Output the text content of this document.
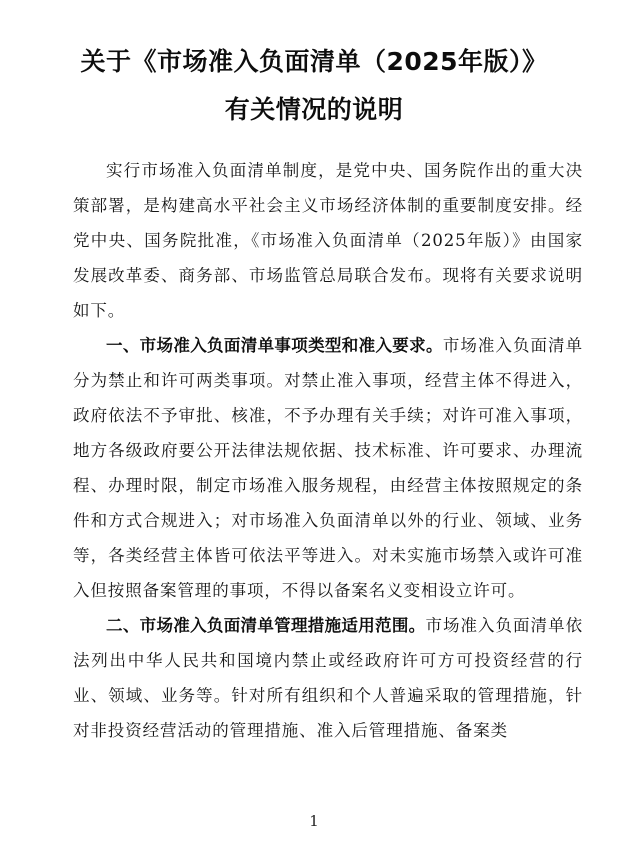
关于《市场准入负面清单（2025年版）》
有关情况的说明

实行市场准入负面清单制度，是党中央、国务院作出的重大决策部署，是构建高水平社会主义市场经济体制的重要制度安排。经党中央、国务院批准，《市场准入负面清单（2025年版）》由国家发展改革委、商务部、市场监管总局联合发布。现将有关要求说明如下。

一、市场准入负面清单事项类型和准入要求。市场准入负面清单分为禁止和许可两类事项。对禁止准入事项，经营主体不得进入，政府依法不予审批、核准，不予办理有关手续；对许可准入事项，地方各级政府要公开法律法规依据、技术标准、许可要求、办理流程、办理时限，制定市场准入服务规程，由经营主体按照规定的条件和方式合规进入；对市场准入负面清单以外的行业、领域、业务等，各类经营主体皆可依法平等进入。对未实施市场禁入或许可准入但按照备案管理的事项，不得以备案名义变相设立许可。

二、市场准入负面清单管理措施适用范围。市场准入负面清单依法列出中华人民共和国境内禁止或经政府许可方可投资经营的行业、领域、业务等。针对所有组织和个人普遍采取的管理措施，针对非投资经营活动的管理措施、准入后管理措施、备案类

1
